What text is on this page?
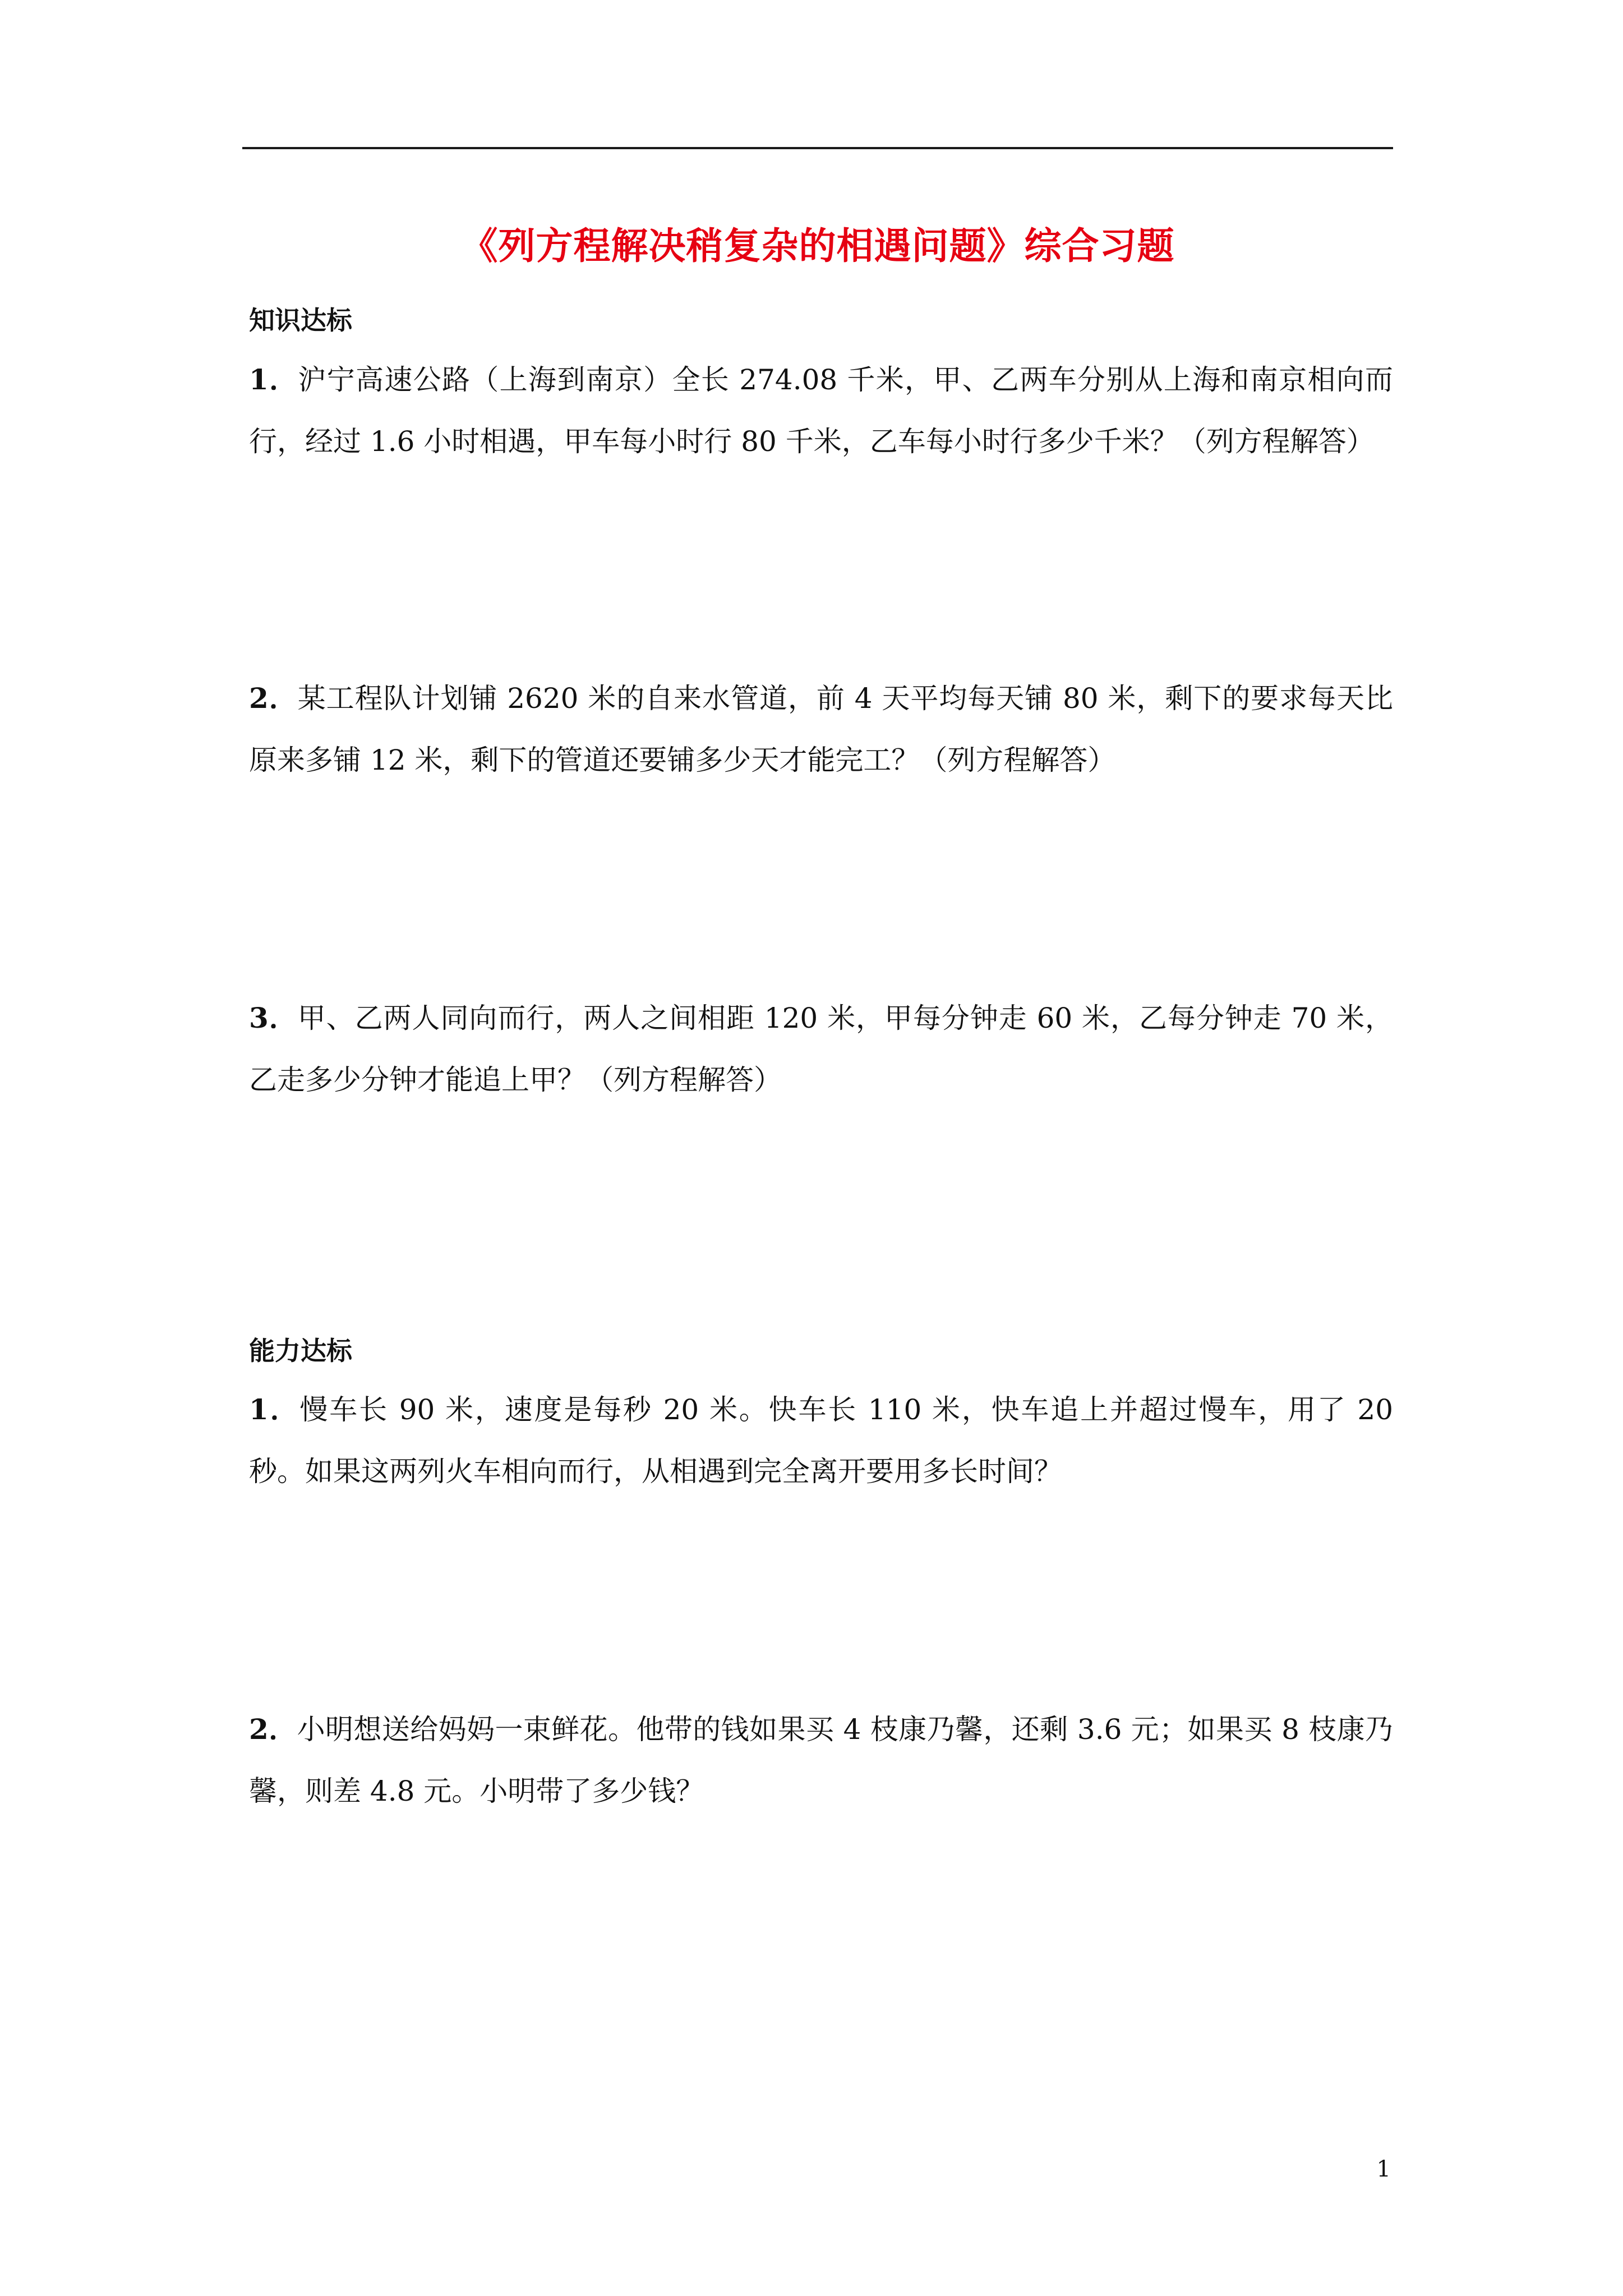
《列方程解决稍复杂的相遇问题》综合习题
知识达标
1．沪宁高速公路（上海到南京）全长 274.08 千米，甲、乙两车分别从上海和南京相向而行，经过 1.6 小时相遇，甲车每小时行 80 千米，乙车每小时行多少千米？（列方程解答）
2．某工程队计划铺 2620 米的自来水管道，前 4 天平均每天铺 80 米，剩下的要求每天比原来多铺 12 米，剩下的管道还要铺多少天才能完工？（列方程解答）
3．甲、乙两人同向而行，两人之间相距 120 米，甲每分钟走 60 米，乙每分钟走 70 米，乙走多少分钟才能追上甲？（列方程解答）
能力达标
1．慢车长 90 米，速度是每秒 20 米。快车长 110 米，快车追上并超过慢车，用了 20 秒。如果这两列火车相向而行，从相遇到完全离开要用多长时间？
2．小明想送给妈妈一束鲜花。他带的钱如果买 4 枝康乃馨，还剩 3.6 元；如果买 8 枝康乃馨，则差 4.8 元。小明带了多少钱？
1
